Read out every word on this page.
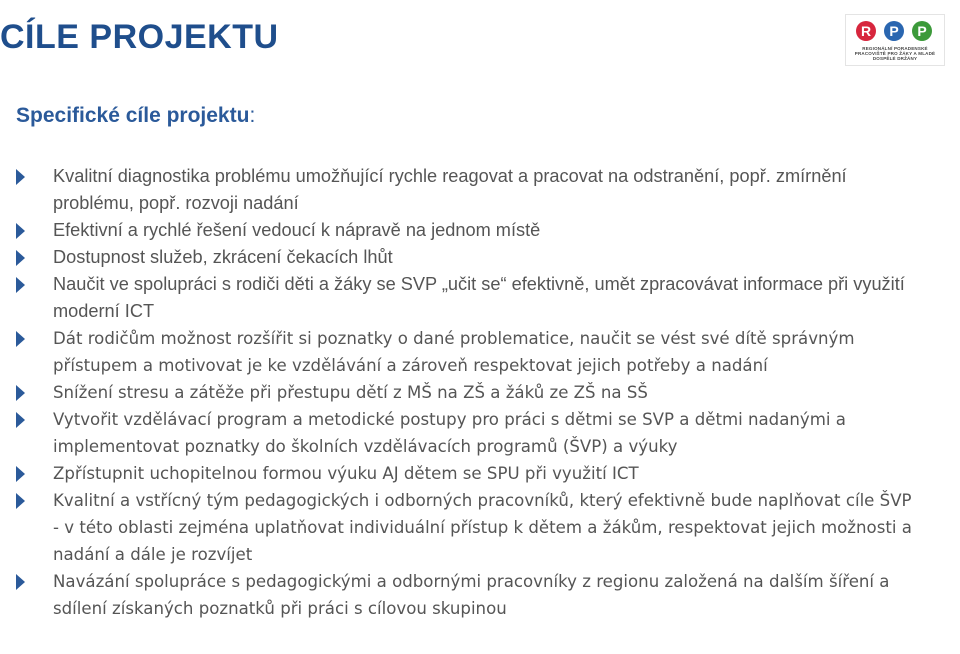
CÍLE PROJEKTU	R	P	P
REGIONÁLNÍ PORADENSKÉ PRACOVIŠTĚ PRO ŽÁKY A MLADÉ DOSPĚLÉ DRŽÁNY
Specifické cíle projektu:
Kvalitní diagnostika problému umožňující rychle reagovat a pracovat na odstranění, popř. zmírnění problému, popř. rozvoji nadání
Efektivní a rychlé řešení vedoucí k nápravě na jednom místě
Dostupnost služeb, zkrácení čekacích lhůt
Naučit ve spolupráci s rodiči děti a žáky se SVP „učit se“ efektivně, umět zpracovávat informace při využití moderní ICT
Dát rodičům možnost rozšířit si poznatky o dané problematice, naučit se vést své dítě správným přístupem a motivovat je ke vzdělávání a zároveň respektovat jejich potřeby a nadání
Snížení stresu a zátěže při přestupu dětí z MŠ na ZŠ a žáků ze ZŠ na SŠ
Vytvořit vzdělávací program a metodické postupy pro práci s dětmi se SVP a dětmi nadanými a implementovat poznatky do školních vzdělávacích programů (ŠVP) a výuky
Zpřístupnit uchopitelnou formou výuku AJ dětem se SPU při využití ICT
Kvalitní a vstřícný tým pedagogických i odborných pracovníků, který efektivně bude naplňovat cíle ŠVP - v této oblasti zejména uplatňovat individuální přístup k dětem a žákům, respektovat jejich možnosti a nadání a dále je rozvíjet
Navázání spolupráce s pedagogickými a odbornými pracovníky z regionu založená na dalším šíření a sdílení získaných poznatků při práci s cílovou skupinou
